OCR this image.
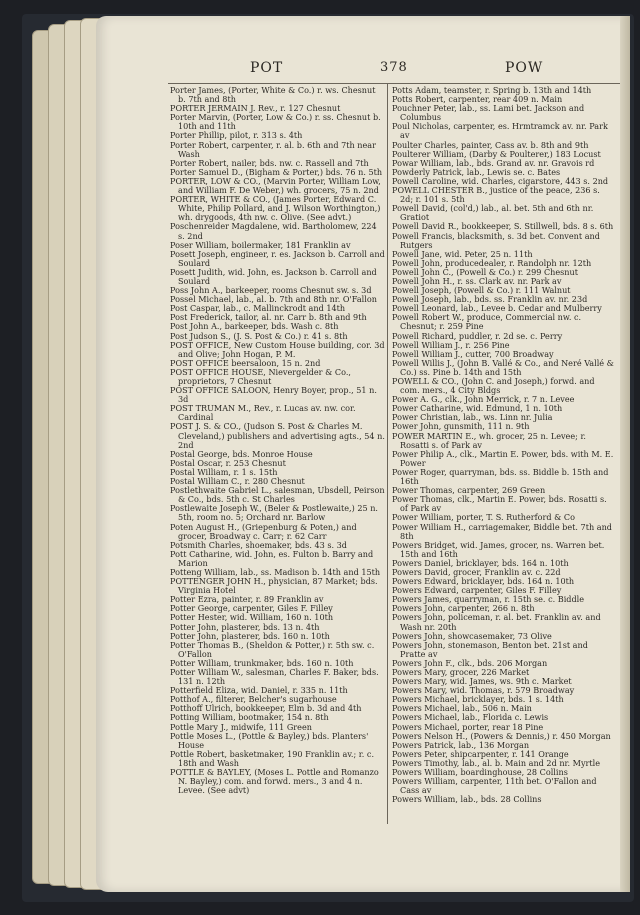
POT	378	POW
Porter James, (Porter, White & Co.) r. ws. Chesnut b. 7th and 8th
PORTER JERMAIN J. Rev., r. 127 Chesnut
Porter Marvin, (Porter, Low & Co.) r. ss. Chesnut b. 10th and 11th
Porter Phillip, pilot, r. 313 s. 4th
Porter Robert, carpenter, r. al. b. 6th and 7th near Wash
Porter Robert, nailer, bds. nw. c. Rassell and 7th
Porter Samuel D., (Bigham & Porter,) bds. 76 n. 5th
PORTER, LOW & CO., (Marvin Porter, William Low, and William F. De Weber,) wh. grocers, 75 n. 2nd
PORTER, WHITE & CO., (James Porter, Edward C. White, Philip Pollard, and J. Wilson Worthington,) wh. drygoods, 4th nw. c. Olive. (See advt.)
Poschenreider Magdalene, wid. Bartholomew, 224 s. 2nd
Poser William, boilermaker, 181 Franklin av
Posett Joseph, engineer, r. es. Jackson b. Carroll and Soulard
Posett Judith, wid. John, es. Jackson b. Carroll and Soulard
Poss John A., barkeeper, rooms Chesnut sw. s. 3d
Possel Michael, lab., al. b. 7th and 8th nr. O'Fallon
Post Caspar, lab., c. Mallinckrodt and 14th
Post Frederick, tailor, al. nr. Carr b. 8th and 9th
Post John A., barkeeper, bds. Wash c. 8th
Post Judson S., (J. S. Post & Co.) r. 41 s. 8th
POST OFFICE, New Custom House building, cor. 3d and Olive; John Hogan, P. M.
POST OFFICE beersaloon, 15 n. 2nd
POST OFFICE HOUSE, Nievergelder & Co., proprietors, 7 Chesnut
POST OFFICE SALOON, Henry Boyer, prop., 51 n. 3d
POST TRUMAN M., Rev., r. Lucas av. nw. cor. Cardinal
POST J. S. & CO., (Judson S. Post & Charles M. Cleveland,) publishers and advertising agts., 54 n. 2nd
Postal George, bds. Monroe House
Postal Oscar, r. 253 Chesnut
Postal William, r. 1 s. 15th
Postal William C., r. 280 Chesnut
Postlethwaite Gabriel L., salesman, Ubsdell, Peirson & Co., bds. 5th c. St Charles
Postlewaite Joseph W., (Beler & Postlewaite,) 25 n. 5th, room no. 5; Orchard nr. Barlow
Poten August H., (Griepenburg & Poten,) and grocer, Broadway c. Carr; r. 62 Carr
Potsmith Charles, shoemaker, bds. 43 s. 3d
Pott Catharine, wid. John, es. Fulton b. Barry and Marion
Potteng William, lab., ss. Madison b. 14th and 15th
POTTENGER JOHN H., physician, 87 Market; bds. Virginia Hotel
Potter Ezra, painter, r. 89 Franklin av
Potter George, carpenter, Giles F. Filley
Potter Hester, wid. William, 160 n. 10th
Potter John, plasterer, bds. 13 n. 4th
Potter John, plasterer, bds. 160 n. 10th
Potter Thomas B., (Sheldon & Potter,) r. 5th sw. c. O'Fallon
Potter William, trunkmaker, bds. 160 n. 10th
Potter William W., salesman, Charles F. Baker, bds. 131 n. 12th
Potterfield Eliza, wid. Daniel, r. 335 n. 11th
Potthof A., filterer, Belcher's sugarhouse
Potthoff Ulrich, bookkeeper, Elm b. 3d and 4th
Potting William, bootmaker, 154 n. 8th
Pottle Mary J., midwife, 111 Green
Pottle Moses L., (Pottle & Bayley,) bds. Planters' House
Pottle Robert, basketmaker, 190 Franklin av.; r. c. 18th and Wash
POTTLE & BAYLEY, (Moses L. Pottle and Romanzo N. Bayley,) com. and forwd. mers., 3 and 4 n. Levee. (See advt)
Potts Adam, teamster, r. Spring b. 13th and 14th
Potts Robert, carpenter, rear 409 n. Main
Pouchner Peter, lab., ss. Lami bet. Jackson and Columbus
Poul Nicholas, carpenter, es. Hrmtramck av. nr. Park av
Poulter Charles, painter, Cass av. b. 8th and 9th
Poulterer William, (Darby & Poulterer,) 183 Locust
Powar William, lab., bds. Grand av. nr. Gravois rd
Powderly Patrick, lab., Lewis se. c. Bates
Powell Caroline, wid. Charles, cigarstore, 443 s. 2nd
POWELL CHESTER B., justice of the peace, 236 s. 2d; r. 101 s. 5th
Powell David, (col'd,) lab., al. bet. 5th and 6th nr. Gratiot
Powell David R., bookkeeper, S. Stillwell, bds. 8 s. 6th
Powell Francis, blacksmith, s. 3d bet. Convent and Rutgers
Powell Jane, wid. Peter, 25 n. 11th
Powell John, producedealer, r. Randolph nr. 12th
Powell John C., (Powell & Co.) r. 299 Chesnut
Powell John H., r. ss. Clark av. nr. Park av
Powell Joseph, (Powell & Co.) r. 111 Walnut
Powell Joseph, lab., bds. ss. Franklin av. nr. 23d
Powell Leonard, lab., Levee b. Cedar and Mulberry
Powell Robert W., produce, Commercial nw. c. Chesnut; r. 259 Pine
Powell Richard, puddler, r. 2d se. c. Perry
Powell William J., r. 256 Pine
Powell William J., cutter, 700 Broadway
Powell Willis J., (John B. Vallé & Co., and Neré Vallé & Co.) ss. Pine b. 14th and 15th
POWELL & CO., (John C. and Joseph,) forwd. and com. mers., 4 City Bldgs
Power A. G., clk., John Merrick, r. 7 n. Levee
Power Catharine, wid. Edmund, 1 n. 10th
Power Christian, lab., ws. Linn nr. Julia
Power John, gunsmith, 111 n. 9th
POWER MARTIN E., wh. grocer, 25 n. Levee; r. Rosatti s. of Park av
Power Philip A., clk., Martin E. Power, bds. with M. E. Power
Power Roger, quarryman, bds. ss. Biddle b. 15th and 16th
Power Thomas, carpenter, 269 Green
Power Thomas, clk., Martin E. Power, bds. Rosatti s. of Park av
Power William, porter, T. S. Rutherford & Co
Power William H., carriagemaker, Biddle bet. 7th and 8th
Powers Bridget, wid. James, grocer, ns. Warren bet. 15th and 16th
Powers Daniel, bricklayer, bds. 164 n. 10th
Powers David, grocer, Franklin av. c. 22d
Powers Edward, bricklayer, bds. 164 n. 10th
Powers Edward, carpenter, Giles F. Filley
Powers James, quarryman, r. 15th se. c. Biddle
Powers John, carpenter, 266 n. 8th
Powers John, policeman, r. al. bet. Franklin av. and Wash nr. 20th
Powers John, showcasemaker, 73 Olive
Powers John, stonemason, Benton bet. 21st and Pratte av
Powers John F., clk., bds. 206 Morgan
Powers Mary, grocer, 226 Market
Powers Mary, wid. James, ws. 9th c. Market
Powers Mary, wid. Thomas, r. 579 Broadway
Powers Michael, bricklayer, bds. 1 s. 14th
Powers Michael, lab., 506 n. Main
Powers Michael, lab., Florida c. Lewis
Powers Michael, porter, rear 18 Pine
Powers Nelson H., (Powers & Dennis,) r. 450 Morgan
Powers Patrick, lab., 136 Morgan
Powers Peter, shipcarpenter, r. 141 Orange
Powers Timothy, lab., al. b. Main and 2d nr. Myrtle
Powers William, boardinghouse, 28 Collins
Powers William, carpenter, 11th bet. O'Fallon and Cass av
Powers William, lab., bds. 28 Collins
